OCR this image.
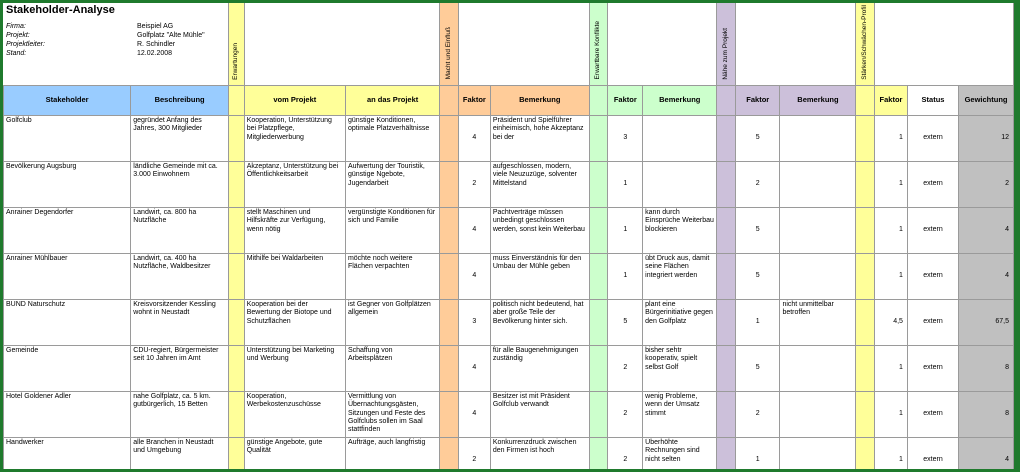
		Erwartungen			Macht und Einfluß			Erwartbare Konflikte			Nähe zum Projekt			Stärken/Schwächen-Profil			
Stakeholder	Beschreibung		vom Projekt	an das Projekt		Faktor	Bemerkung		Faktor	Bemerkung		Faktor	Bemerkung		Faktor	Status	Gewichtung
Golfclub	gegründet Anfang des Jahres, 300 Mitglieder		Kooperation, Unterstützung bei Platzpflege, Mitgliederwerbung	günstige Konditionen, optimale Platzverhältnisse		4	Präsident und Spielführer einheimisch, hohe Akzeptanz bei der		3			5			1	extern	12
Bevölkerung Augsburg	ländliche Gemeinde mit ca. 3.000 Einwohnern		Akzeptanz, Unterstützung bei Öffentlichkeitsarbeit	Aufwertung der Touristik, günstige Ngebote, Jugendarbeit		2	aufgeschlossen, modern, viele Neuzuzüge, solventer Mittelstand		1			2			1	extern	2
Anrainer Degendorfer	Landwirt, ca. 800 ha Nutzfläche		stellt Maschinen und Hilfskräfte zur Verfügung, wenn nötig	vergünstigte Konditionen für sich und Familie		4	Pachtverträge müssen unbedingt geschlossen werden, sonst kein Weiterbau		1	kann durch Einsprüche Weiterbau blockieren		5			1	extern	4
Anrainer Mühlbauer	Landwirt, ca. 400 ha Nutzfläche, Waldbesitzer		Mithilfe bei Waldarbeiten	möchte noch weitere Flächen verpachten		4	muss Einverständnis für den Umbau der Mühle geben		1	übt Druck aus, damit seine Flächen integriert werden		5			1	extern	4
BUND Naturschutz	Kreisvorsitzender Kessling wohnt in Neustadt		Kooperation bei der Bewertung der Biotope und Schutzflächen	ist Gegner von Golfplätzen allgemein		3	politisch nicht bedeutend, hat aber große Teile der Bevölkerung hinter sich.		5	plant eine Bürgerinitiative gegen den Golfplatz		1	nicht unmittelbar betroffen		4,5	extern	67,5
Gemeinde	CDU-regiert, Bürgermeister seit 10 Jahren im Amt		Unterstützung bei Marketing und Werbung	Schaffung von Arbeitsplätzen		4	für alle Baugenehmigungen zuständig		2	bisher sehtr kooperativ, spielt selbst Golf		5			1	extern	8
Hotel Goldener Adler	nahe Golfplatz, ca. 5 km. gutbürgerlich, 15 Betten		Kooperation, Werbekostenzuschüsse	Vermittlung von Übernachtungsgästen, Sitzungen und Feste des Golfclubs sollen im Saal stattfinden		4	Besitzer ist mit Präsident Golfclub verwandt		2	wenig Probleme, wenn der Umsatz stimmt		2			1	extern	8
Handwerker	alle Branchen in Neustadt und Umgebung		günstige Angebote, gute Qualität	Aufträge, auch langfristig		2	Konkurrenzdruck zwischen den Firmen ist hoch		2	Überhöhte Rechnungen sind nicht selten		1			1	extern	4
Stakeholder-Analyse
Firma:	Beispiel AG
Projekt:	Golfplatz "Alte Mühle"
Projektleiter:	R. Schindler
Stand:	12.02.2008
